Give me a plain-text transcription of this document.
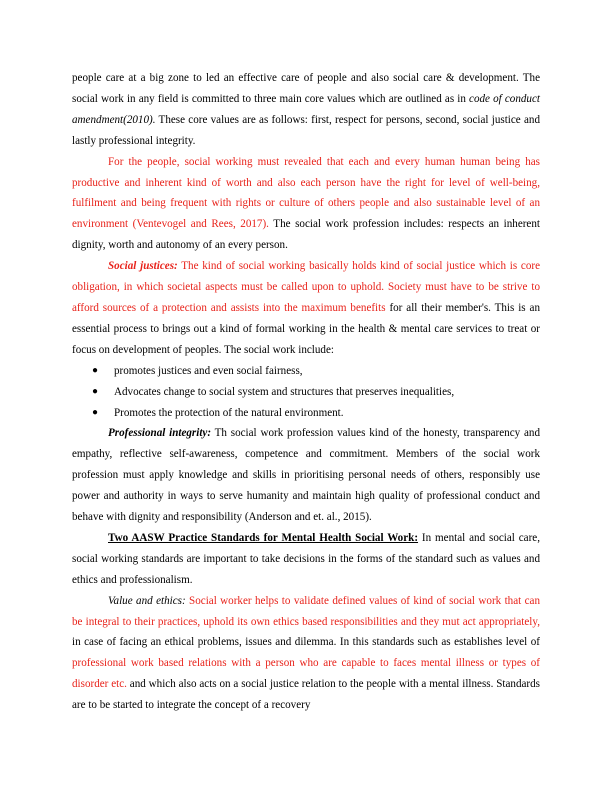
people care at a big zone to led an effective care of people and also social care & development. The social work in any field is committed to three main core values which are outlined as in code of conduct amendment(2010). These core values are as follows: first, respect for persons, second, social justice and lastly professional integrity.

For the people, social working must revealed that each and every human human being has productive and inherent kind of worth and also each person have the right for level of well-being, fulfilment and being frequent with rights or culture of others people and also sustainable level of an environment (Ventevogel and Rees, 2017). The social work profession includes: respects an inherent dignity, worth and autonomy of an every person.

Social justices: The kind of social working basically holds kind of social justice which is core obligation, in which societal aspects must be called upon to uphold. Society must have to be strive to afford sources of a protection and assists into the maximum benefits for all their member's. This is an essential process to brings out a kind of formal working in the health & mental care services to treat or focus on development of peoples. The social work include:

● promotes justices and even social fairness,
● Advocates change to social system and structures that preserves inequalities,
● Promotes the protection of the natural environment.

Professional integrity: Th social work profession values kind of the honesty, transparency and empathy, reflective self-awareness, competence and commitment. Members of the social work profession must apply knowledge and skills in prioritising personal needs of others, responsibly use power and authority in ways to serve humanity and maintain high quality of professional conduct and behave with dignity and responsibility (Anderson and et. al., 2015).

Two AASW Practice Standards for Mental Health Social Work: In mental and social care, social working standards are important to take decisions in the forms of the standard such as values and ethics and professionalism.

Value and ethics: Social worker helps to validate defined values of kind of social work that can be integral to their practices, uphold its own ethics based responsibilities and they mut act appropriately, in case of facing an ethical problems, issues and dilemma. In this standards such as establishes level of professional work based relations with a person who are capable to faces mental illness or types of disorder etc. and which also acts on a social justice relation to the people with a mental illness. Standards are to be started to integrate the concept of a recovery
